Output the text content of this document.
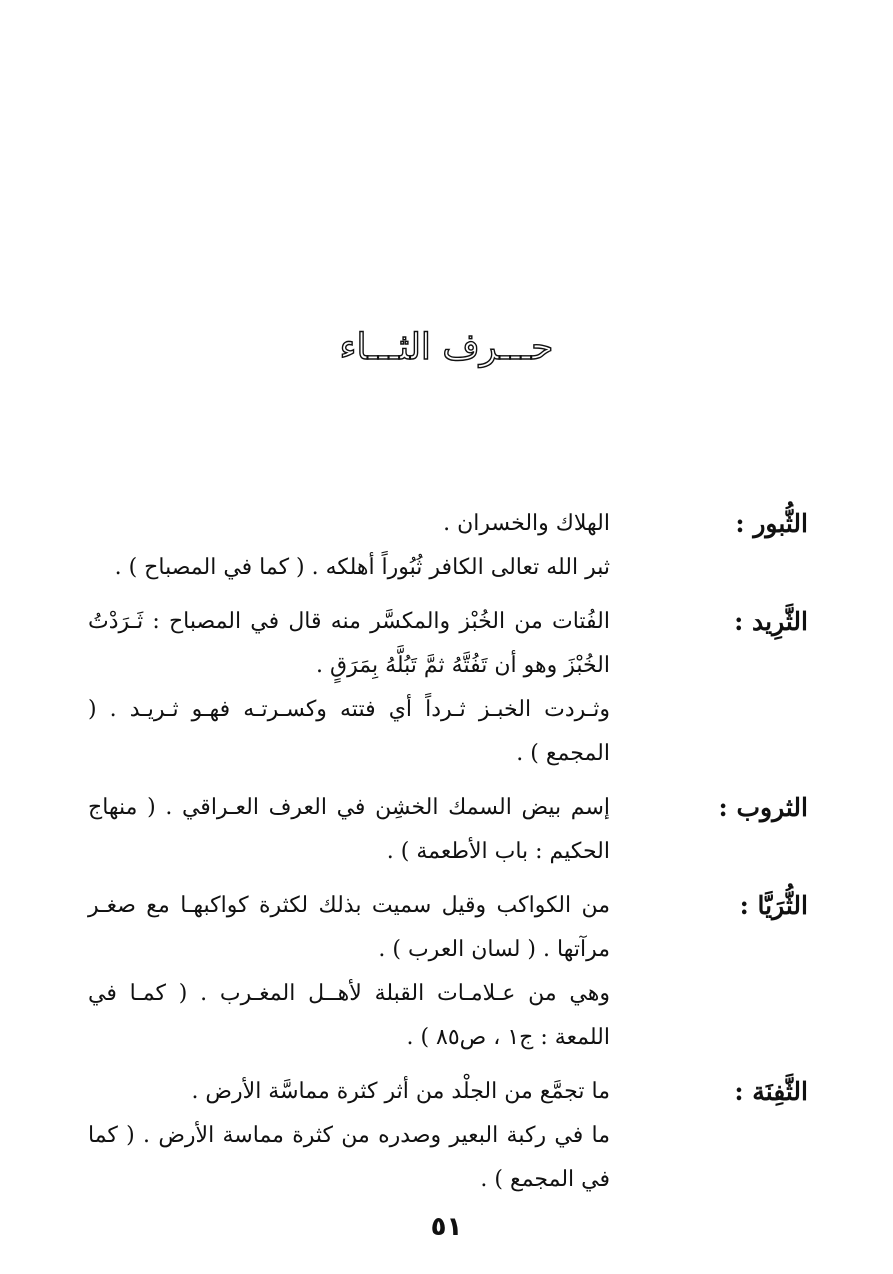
حـــرف الثـــاء
الثُّبور :

الهلاك والخسران .

ثبر الله تعالى الكافر ثُبُوراً أهلكه . ( كما في المصباح ) .

الثَّرِيد :

الفُتات من الخُبْز والمكسَّر منه قال في المصباح : ثَـرَدْتُ الخُبْزَ وهو أن تَفُتَّهُ ثمَّ تَبُلَّهُ بِمَرَقٍ .

وثـردت الخبـز ثـرداً أي فتته وكسـرتـه فهـو ثـريـد . ( المجمع ) .

الثروب :

إسم بيض السمك الخشِن في العرف العـراقي . ( منهاج الحكيم : باب الأطعمة ) .

الثُّرَيَّا :

من الكواكب وقيل سميت بذلك لكثرة كواكبهـا مع صغـر مرآتها . ( لسان العرب ) .

وهي من عـلامـات القبلة لأهــل المغـرب . ( كمـا في اللمعة : ج١ ، ص٨٥ ) .

الثَّفِنَة :

ما تجمَّع من الجلْد من أثر كثرة مماسَّة الأرض .

ما في ركبة البعير وصدره من كثرة مماسة الأرض . ( كما في المجمع ) .

٥١
